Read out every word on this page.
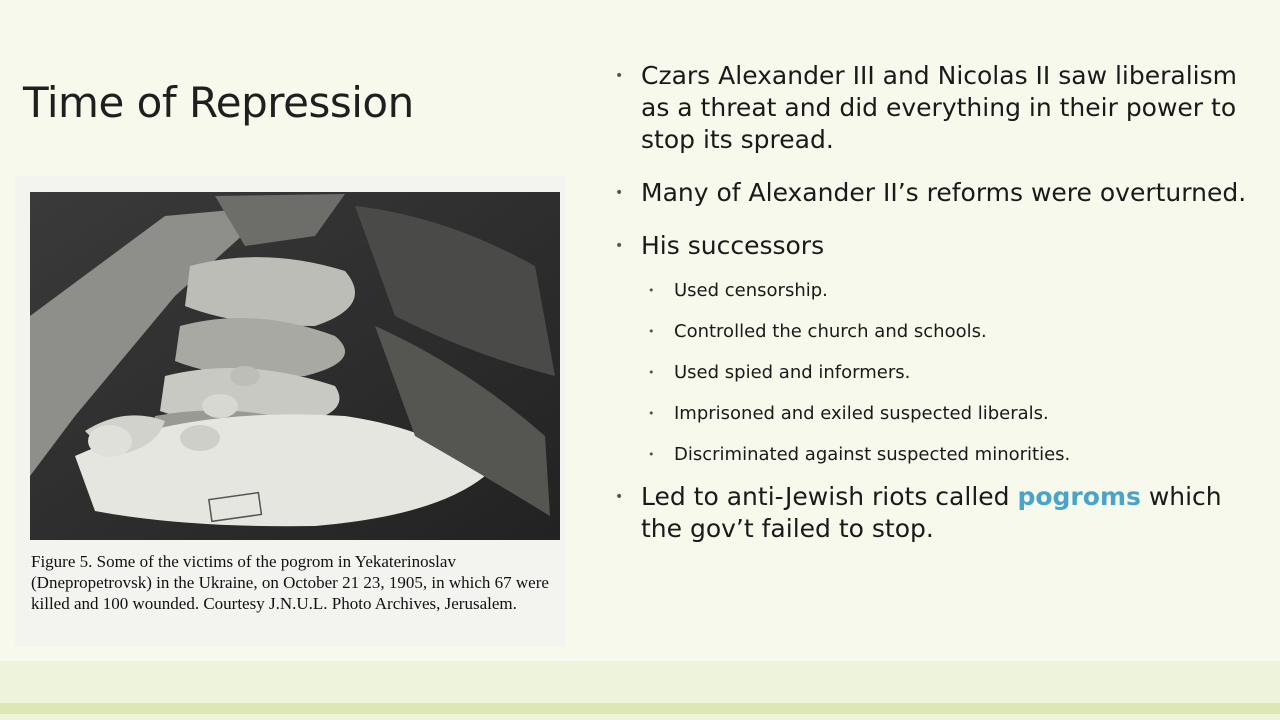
Time of Repression
5
Figure 5. Some of the victims of the pogrom in Yekaterinoslav (Dnepropetrovsk) in the Ukraine, on October 21 23, 1905, in which 67 were killed and 100 wounded. Courtesy J.N.U.L. Photo Archives, Jerusalem.
• Czars Alexander III and Nicolas II saw liberalism as a threat and did everything in their power to stop its spread.
• Many of Alexander II’s reforms were overturned.
• His successors
• Used censorship.
• Controlled the church and schools.
• Used spied and informers.
• Imprisoned and exiled suspected liberals.
• Discriminated against suspected minorities.
• Led to anti-Jewish riots called pogroms which the gov’t failed to stop.
